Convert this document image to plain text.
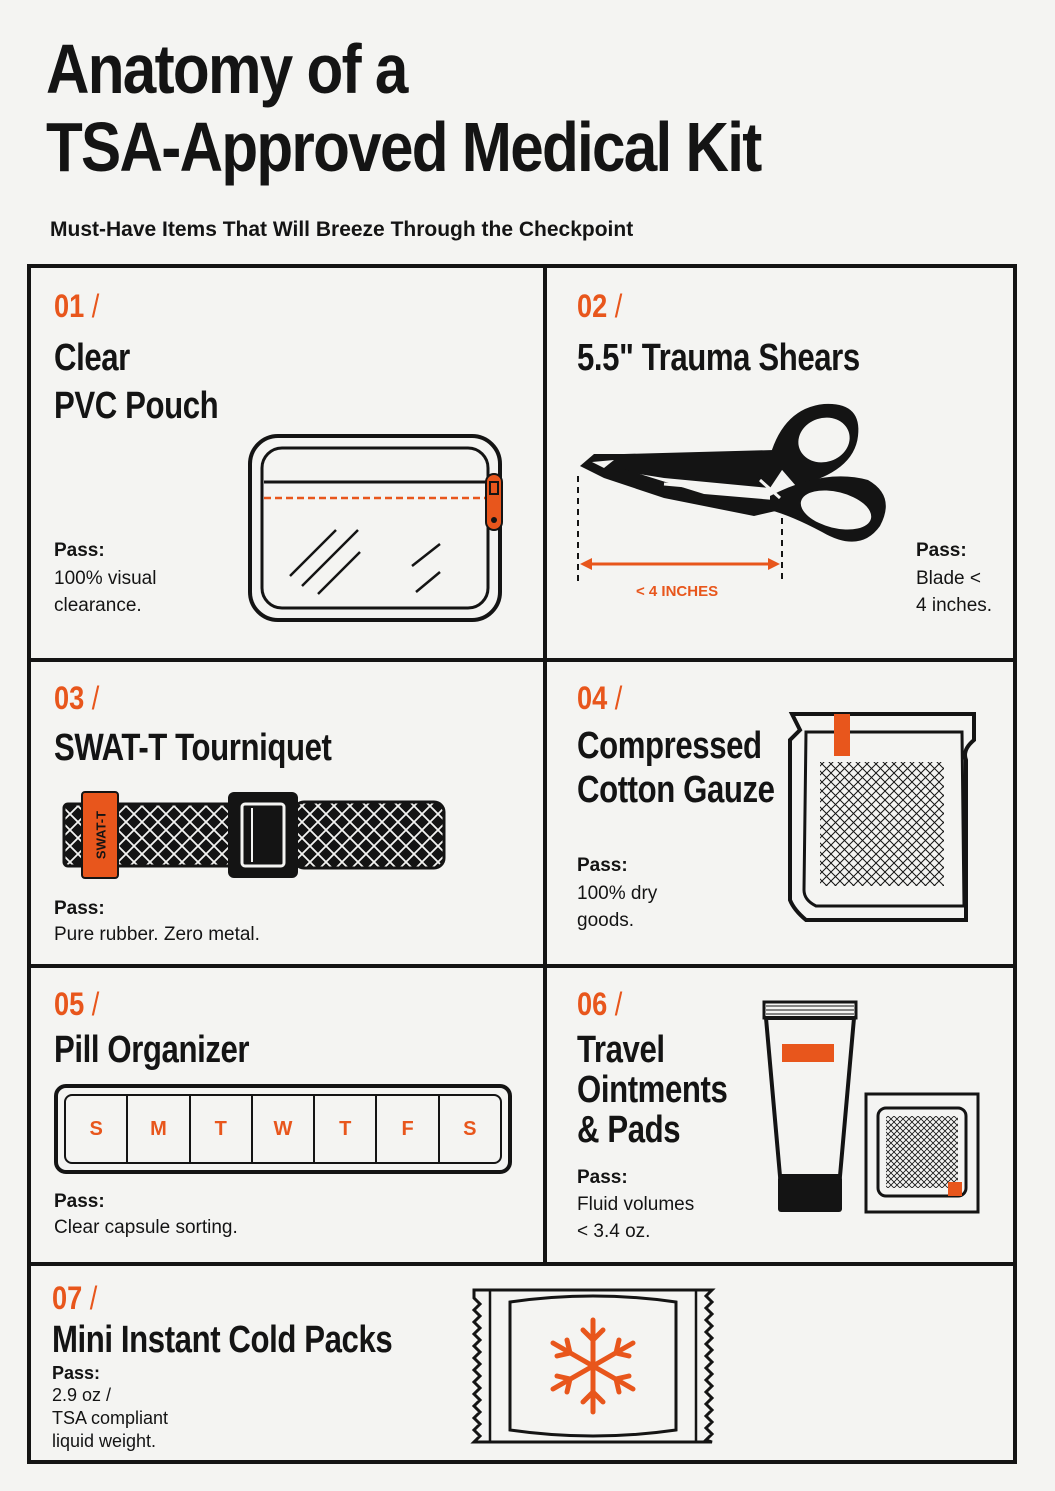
Anatomy of a
TSA-Approved Medical Kit
Must-Have Items That Will Breeze Through the Checkpoint
01 /
Clear
PVC Pouch
Pass:
100% visual
clearance.
02 /
5.5" Trauma Shears
< 4 INCHES
Pass:
Blade <
4 inches.
03 /
SWAT-T Tourniquet
SWAT-T
Pass:
Pure rubber. Zero metal.
04 /
Compressed
Cotton Gauze
Pass:
100% dry
goods.
05 /
Pill Organizer
S M T W T	F S
Pass:
Clear capsule sorting.
06 /
Travel
Ointments
& Pads
Pass:
Fluid volumes
< 3.4 oz.
07 /
Mini Instant Cold Packs
Pass:
2.9 oz /
TSA compliant
liquid weight.
